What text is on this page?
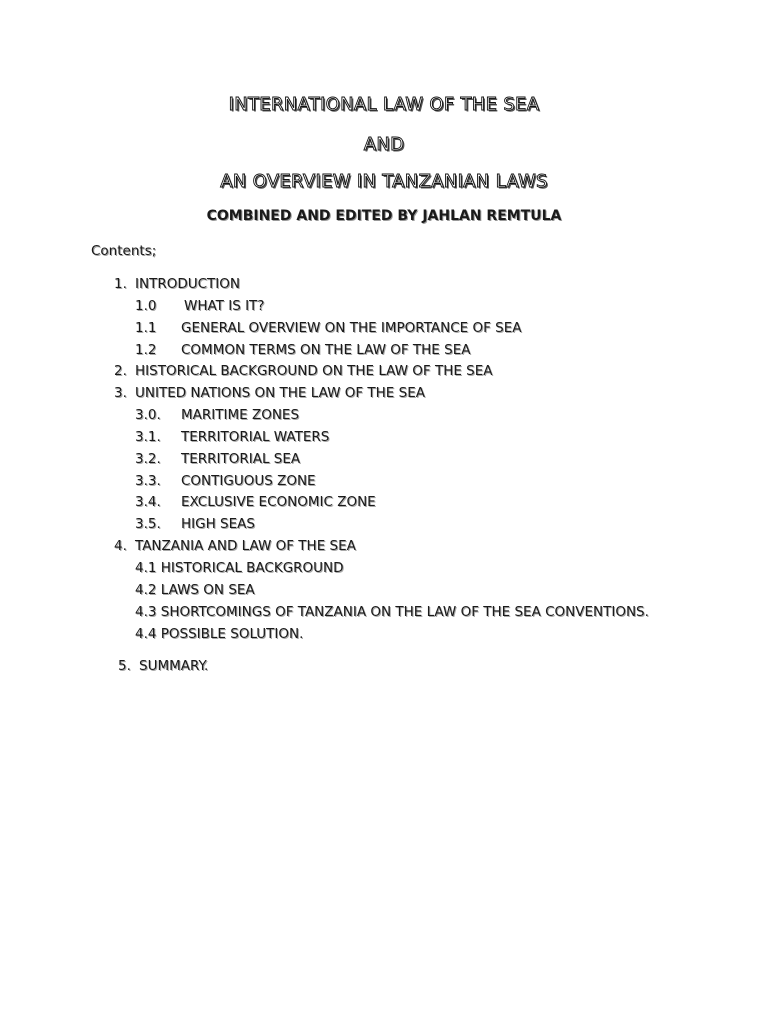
INTERNATIONAL LAW OF THE SEA
AND
AN OVERVIEW IN TANZANIAN LAWS
COMBINED AND EDITED BY JAHLAN REMTULA
Contents;
1. INTRODUCTION
1.0 WHAT IS IT?
1.1 GENERAL OVERVIEW ON THE IMPORTANCE OF SEA
1.2 COMMON TERMS ON THE LAW OF THE SEA
2. HISTORICAL BACKGROUND ON THE LAW OF THE SEA
3. UNITED NATIONS ON THE LAW OF THE SEA
3.0. MARITIME ZONES
3.1. TERRITORIAL WATERS
3.2. TERRITORIAL SEA
3.3. CONTIGUOUS ZONE
3.4. EXCLUSIVE ECONOMIC ZONE
3.5. HIGH SEAS
4. TANZANIA AND LAW OF THE SEA
4.1 HISTORICAL BACKGROUND
4.2 LAWS ON SEA
4.3 SHORTCOMINGS OF TANZANIA ON THE LAW OF THE SEA CONVENTIONS.
4.4 POSSIBLE SOLUTION.
5. SUMMARY.
